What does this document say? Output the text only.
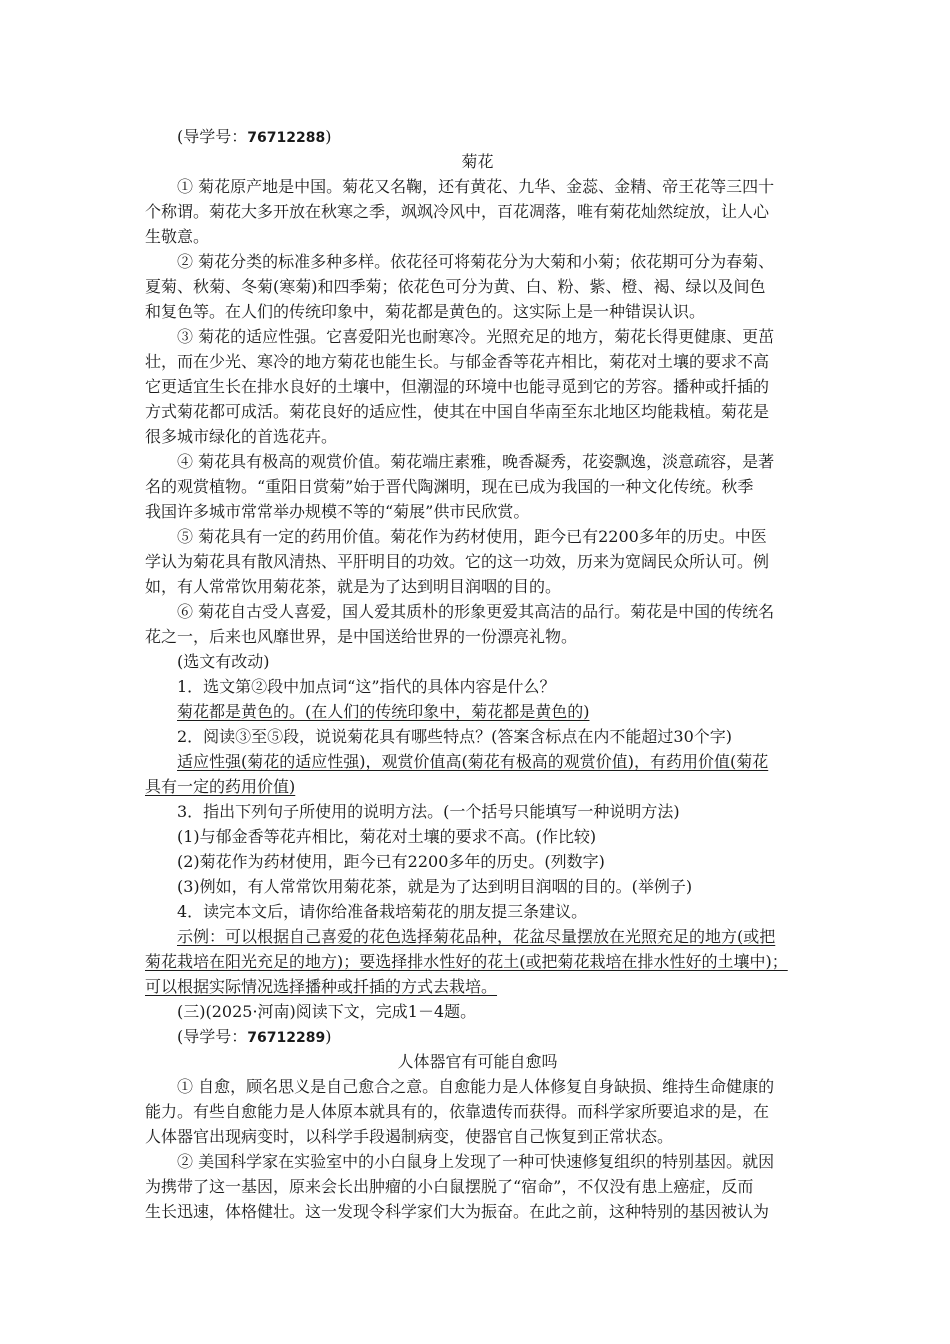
(导学号：76712288)
菊花
① 菊花原产地是中国。菊花又名鞠，还有黄花、九华、金蕊、金精、帝王花等三四十
个称谓。菊花大多开放在秋寒之季，飒飒冷风中，百花凋落，唯有菊花灿然绽放，让人心
生敬意。
② 菊花分类的标准多种多样。依花径可将菊花分为大菊和小菊；依花期可分为春菊、
夏菊、秋菊、冬菊(寒菊)和四季菊；依花色可分为黄、白、粉、紫、橙、褐、绿以及间色
和复色等。在人们的传统印象中，菊花都是黄色的。这实际上是一种错误认识。
③ 菊花的适应性强。它喜爱阳光也耐寒冷。光照充足的地方，菊花长得更健康、更茁
壮，而在少光、寒冷的地方菊花也能生长。与郁金香等花卉相比，菊花对土壤的要求不高
它更适宜生长在排水良好的土壤中，但潮湿的环境中也能寻觅到它的芳容。播种或扦插的
方式菊花都可成活。菊花良好的适应性，使其在中国自华南至东北地区均能栽植。菊花是
很多城市绿化的首选花卉。
④ 菊花具有极高的观赏价值。菊花端庄素雅，晚香凝秀，花姿飘逸，淡意疏容，是著
名的观赏植物。“重阳日赏菊”始于晋代陶渊明，现在已成为我国的一种文化传统。秋季
我国许多城市常常举办规模不等的“菊展”供市民欣赏。
⑤ 菊花具有一定的药用价值。菊花作为药材使用，距今已有2200多年的历史。中医
学认为菊花具有散风清热、平肝明目的功效。它的这一功效，历来为宽阔民众所认可。例
如，有人常常饮用菊花茶，就是为了达到明目润咽的目的。
⑥ 菊花自古受人喜爱，国人爱其质朴的形象更爱其高洁的品行。菊花是中国的传统名
花之一，后来也风靡世界，是中国送给世界的一份漂亮礼物。
(选文有改动)
1．选文第②段中加点词“这”指代的具体内容是什么？
菊花都是黄色的。(在人们的传统印象中，菊花都是黄色的)
2．阅读③至⑤段，说说菊花具有哪些特点？(答案含标点在内不能超过30个字)
适应性强(菊花的适应性强)，观赏价值高(菊花有极高的观赏价值)，有药用价值(菊花
具有一定的药用价值)
3．指出下列句子所使用的说明方法。(一个括号只能填写一种说明方法)
(1)与郁金香等花卉相比，菊花对土壤的要求不高。(作比较)
(2)菊花作为药材使用，距今已有2200多年的历史。(列数字)
(3)例如，有人常常饮用菊花茶，就是为了达到明目润咽的目的。(举例子)
4．读完本文后，请你给准备栽培菊花的朋友提三条建议。
示例：可以根据自己喜爱的花色选择菊花品种，花盆尽量摆放在光照充足的地方(或把
菊花栽培在阳光充足的地方)；要选择排水性好的花土(或把菊花栽培在排水性好的土壤中)；
可以根据实际情况选择播种或扦插的方式去栽培。
(三)(2025·河南)阅读下文，完成1－4题。
(导学号：76712289)
人体器官有可能自愈吗
① 自愈，顾名思义是自己愈合之意。自愈能力是人体修复自身缺损、维持生命健康的
能力。有些自愈能力是人体原本就具有的，依靠遗传而获得。而科学家所要追求的是，在
人体器官出现病变时，以科学手段遏制病变，使器官自己恢复到正常状态。
② 美国科学家在实验室中的小白鼠身上发现了一种可快速修复组织的特别基因。就因
为携带了这一基因，原来会长出肿瘤的小白鼠摆脱了“宿命”，不仅没有患上癌症，反而
生长迅速，体格健壮。这一发现令科学家们大为振奋。在此之前，这种特别的基因被认为
